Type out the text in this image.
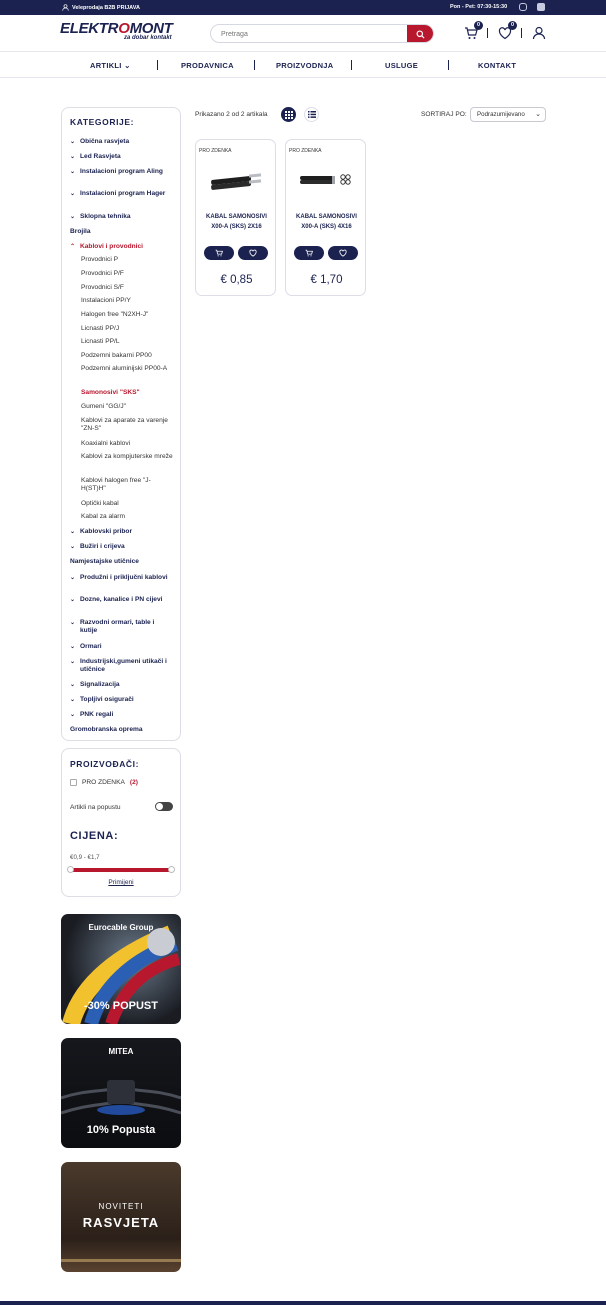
Veleprodaja B2B PRIJAVA	Pon - Pet: 07:30-15:30
ELEKTROMONT
za dobar kontakt
Pretraga
0	0
ARTIKLI ⌄	PRODAVNICA	PROIZVODNJA	USLUGE	KONTAKT
KATEGORIJE:
⌄ Obična rasvjeta
⌄ Led Rasvjeta
⌄ Instalacioni program Aling
⌄ Instalacioni program Hager
⌄ Sklopna tehnika
Brojila
⌃ Kablovi i provodnici
Provodnici P
Provodnici P/F
Provodnici S/F
Instalacioni PP/Y
Halogen free "N2XH-J"
Licnasti PP/J
Licnasti PP/L
Podzemni bakarni PP00
Podzemni aluminijski PP00-A
Samonosivi "SKS"
Gumeni "GG/J"
Kablovi za aparate za varenje "ZN-S"
Koaxialni kablovi
Kablovi za kompjuterske mreže
Kablovi halogen free "J-H(ST)H"
Optički kabal
Kabal za alarm
⌄ Kablovski pribor
⌄ Bužiri i crijeva
Namjestajske utičnice
⌄ Produžni i priključni kablovi
⌄ Dozne, kanalice i PN cijevi
⌄ Razvodni ormari, table i kutije
⌄ Ormari
⌄ Industrijski,gumeni utikači i utičnice
⌄ Signalizacija
⌄ Topljivi osigurači
⌄ PNK regali
Gromobranska oprema
PROIZVOĐAČI:
PRO ZDENKA (2)
Artikli na popustu
CIJENA:
€0,9 - €1,7
Primijeni
Eurocable Group
-30% POPUST
MITEA
10% Popusta
NOVITETI
RASVJETA
Prikazano 2 od 2 artikala	SORTIRAJ PO:	Podrazumijevano ⌄
PRO ZDENKA
KABAL SAMONOSIVI X00-A (SKS) 2X16
€ 0,85
PRO ZDENKA
KABAL SAMONOSIVI X00-A (SKS) 4X16
€ 1,70
